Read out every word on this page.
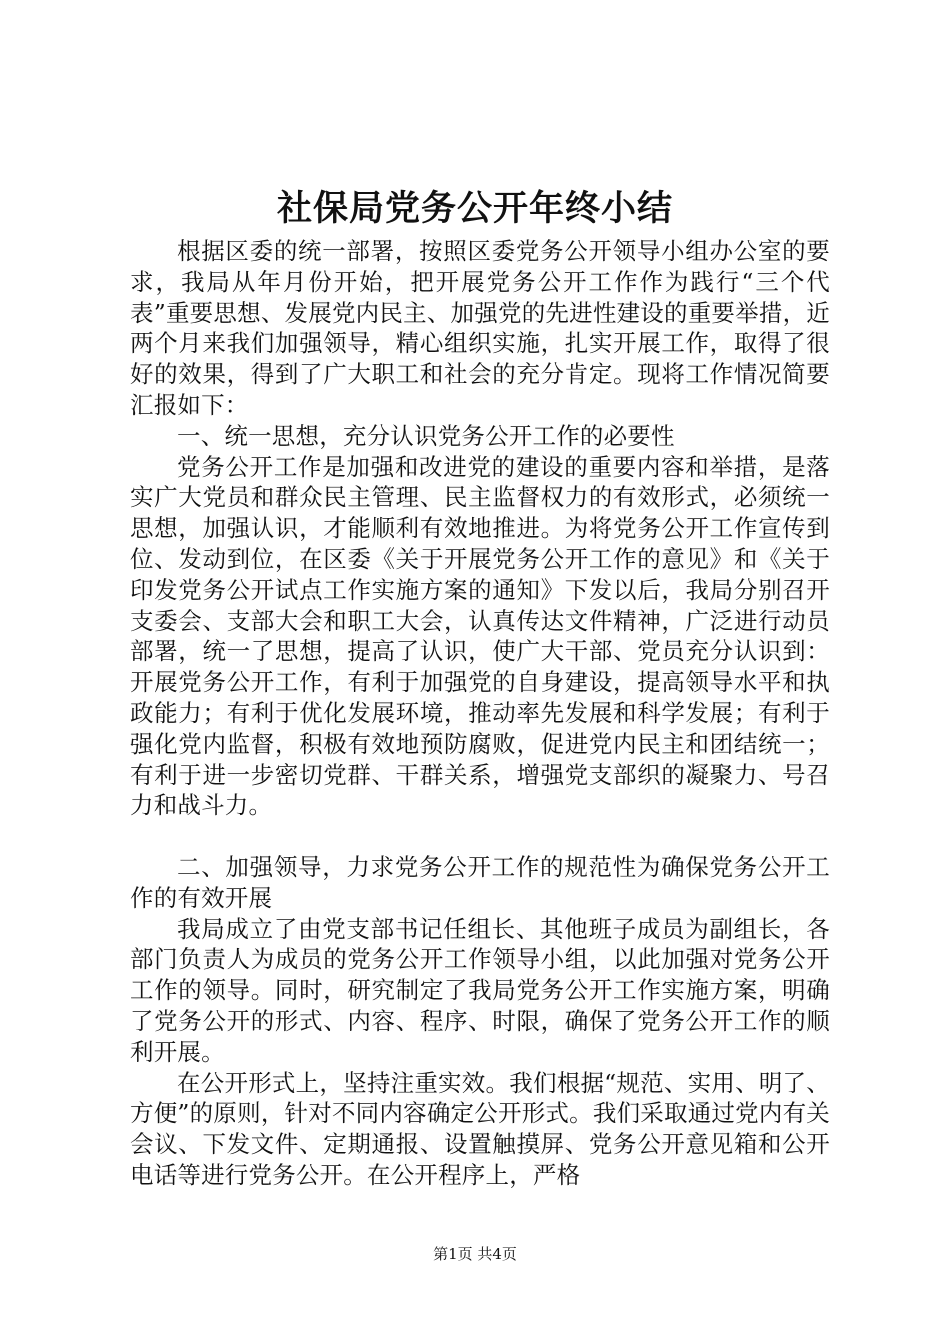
社保局党务公开年终小结

根据区委的统一部署，按照区委党务公开领导小组办公室的要求，我局从年月份开始，把开展党务公开工作作为践行“三个代表”重要思想、发展党内民主、加强党的先进性建设的重要举措，近两个月来我们加强领导，精心组织实施，扎实开展工作，取得了很好的效果，得到了广大职工和社会的充分肯定。现将工作情况简要汇报如下：

一、统一思想，充分认识党务公开工作的必要性

党务公开工作是加强和改进党的建设的重要内容和举措，是落实广大党员和群众民主管理、民主监督权力的有效形式，必须统一思想，加强认识，才能顺利有效地推进。为将党务公开工作宣传到位、发动到位，在区委《关于开展党务公开工作的意见》和《关于印发党务公开试点工作实施方案的通知》下发以后，我局分别召开支委会、支部大会和职工大会，认真传达文件精神，广泛进行动员部署，统一了思想，提高了认识，使广大干部、党员充分认识到：开展党务公开工作，有利于加强党的自身建设，提高领导水平和执政能力；有利于优化发展环境，推动率先发展和科学发展；有利于强化党内监督，积极有效地预防腐败，促进党内民主和团结统一；有利于进一步密切党群、干群关系，增强党支部织的凝聚力、号召力和战斗力。

二、加强领导，力求党务公开工作的规范性为确保党务公开工作的有效开展

我局成立了由党支部书记任组长、其他班子成员为副组长，各部门负责人为成员的党务公开工作领导小组，以此加强对党务公开工作的领导。同时，研究制定了我局党务公开工作实施方案，明确了党务公开的形式、内容、程序、时限，确保了党务公开工作的顺利开展。

在公开形式上，坚持注重实效。我们根据“规范、实用、明了、方便”的原则，针对不同内容确定公开形式。我们采取通过党内有关会议、下发文件、定期通报、设置触摸屏、党务公开意见箱和公开电话等进行党务公开。在公开程序上，严格

第1页 共4页
